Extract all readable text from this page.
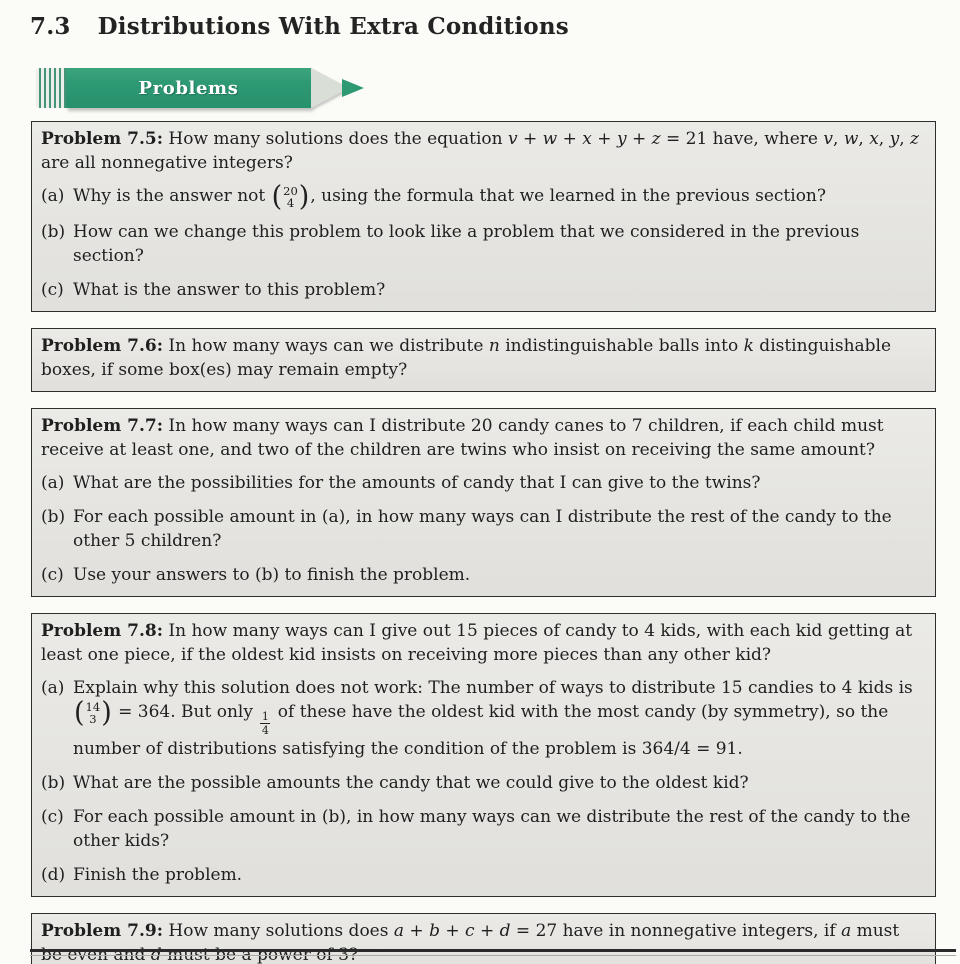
7.3 Distributions With Extra Conditions
Problems

Problem 7.5: How many solutions does the equation v + w + x + y + z = 21 have, where v, w, x, y, z are all nonnegative integers?

(a) Why is the answer not ( 20
4 ) , using the formula that we learned in the previous section?

(b) How can we change this problem to look like a problem that we considered in the previous section?

(c) What is the answer to this problem?

Problem 7.6: In how many ways can we distribute n indistinguishable balls into k distinguishable boxes, if some box(es) may remain empty?

Problem 7.7: In how many ways can I distribute 20 candy canes to 7 children, if each child must receive at least one, and two of the children are twins who insist on receiving the same amount?

(a) What are the possibilities for the amounts of candy that I can give to the twins?

(b) For each possible amount in (a), in how many ways can I distribute the rest of the candy to the other 5 children?

(c) Use your answers to (b) to finish the problem.

Problem 7.8: In how many ways can I give out 15 pieces of candy to 4 kids, with each kid getting at least one piece, if the oldest kid insists on receiving more pieces than any other kid?

(a) Explain why this solution does not work: The number of ways to distribute 15 candies to 4 kids is
( 14
3 ) = 364. But only $\frac{1}{4}$ of these have the oldest kid with the most candy (by symmetry), so the number of distributions satisfying the condition of the problem is 364/4 = 91.

(b) What are the possible amounts the candy that we could give to the oldest kid?

(c) For each possible amount in (b), in how many ways can we distribute the rest of the candy to the other kids?

(d) Finish the problem.

Problem 7.9: How many solutions does a + b + c + d = 27 have in nonnegative integers, if a must be even and d must be a power of 3?
